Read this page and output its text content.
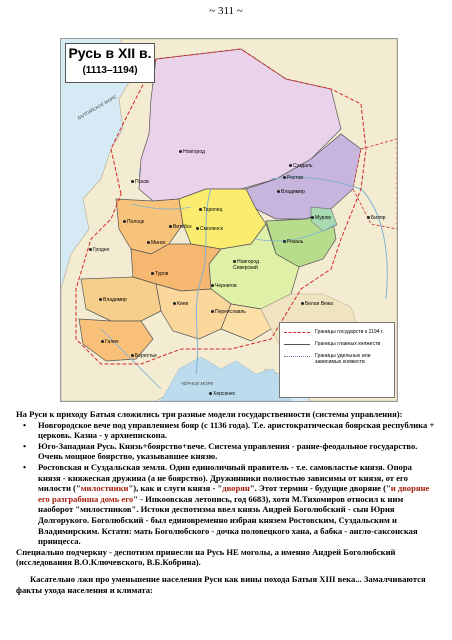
~ 311 ~
Русь в XII в.
(1113–1194)
БАЛТИЙСКОЕ МОРЕ
ЧЁРНОЕ МОРЕ
Новгород
Псков
Полоцк
Витебск	Смоленск
Торопец
Минск
Гродно
Туров
Чернигов
Киев
Переяславль
Новгород
Северский
Владимир
Галич
Берестье
Ростов
Суздаль
Владимир
Муром
Рязань
Биляр
Белая Вежа
Херсонес
Границы государств к 1194 г.
Границы главных княжеств
Границы удельных или
зависимых княжеств

На Руси к приходу Батыя сложились три разные модели государственности (системы управления):

• Новгородское вече под управлением бояр (с 1136 года). Т.е. аристократическая боярская республика + церковь. Казна - у архиепископа.
• Юго-Западная Русь. Князь+боярство+вече. Система управления - ранне-феодальное государство. Очень мощное боярство, указывавшее князю.
• Ростовская и Суздальская земля. Один единоличный правитель - т.е. самовластье князя. Опора князя - княжеская дружина (а не боярство). Дружинники полностью зависимы от князя, от его милости ("милостники"), как и слуги князя - "дворян". Этот термин - будущие дворяне ("и дворяне его разграбиша домь его" - Ипкоовская летопись, год 6683), хотя М.Тихомиров относил к ним наоборот "милостников". Истоки деспотизма ввел князь Андрей Боголюбский - сын Юрия Долгорукого. Боголюбский - был единовременно избран князем Ростовским, Суздальским и Владимирским. Кстати: мать Боголюбского - дочка половецкого хана, а бабка - англо-саксонская принцесса.

Специально подчеркну - деспотизм принесли на Русь НЕ моголы, а именно Андрей Боголюбский (исследования В.О.Ключевского, В.Б.Кобрина).

Касательно лжи про уменьшение населения Руси как вины похода Батыя XIII века... Замалчиваются факты ухода населения и климата:
